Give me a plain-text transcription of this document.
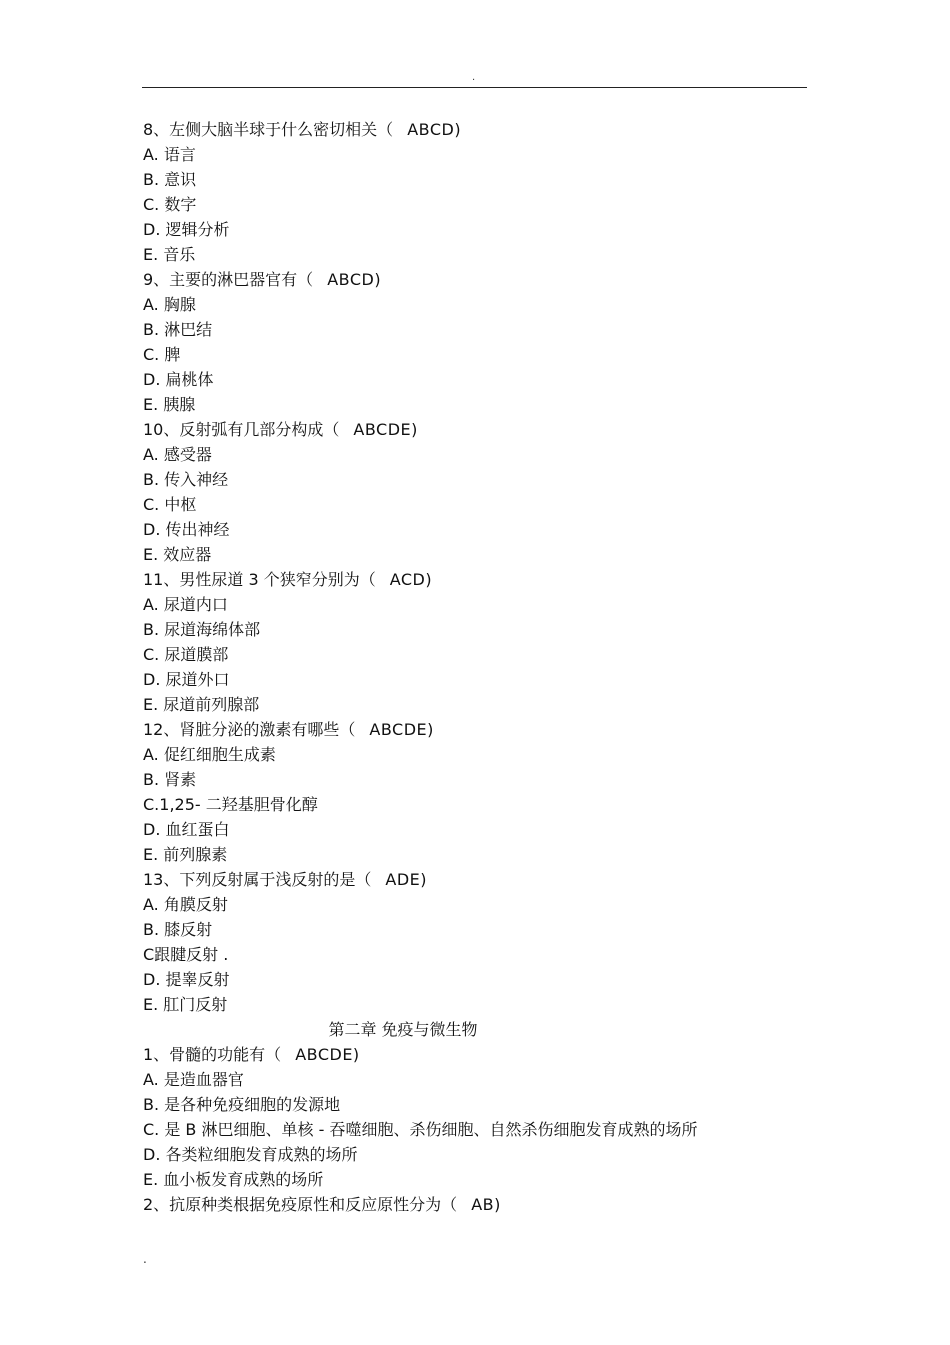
.
8、左侧大脑半球于什么密切相关（ ABCD)
A. 语言
B. 意识
C. 数字
D. 逻辑分析
E. 音乐
9、主要的淋巴器官有（ ABCD)
A. 胸腺
B. 淋巴结
C. 脾
D. 扁桃体
E. 胰腺
10、反射弧有几部分构成（ ABCDE)
A. 感受器
B. 传入神经
C. 中枢
D. 传出神经
E. 效应器
11、男性尿道 3 个狭窄分别为（ ACD)
A. 尿道内口
B. 尿道海绵体部
C. 尿道膜部
D. 尿道外口
E. 尿道前列腺部
12、肾脏分泌的激素有哪些（ ABCDE)
A. 促红细胞生成素
B. 肾素
C.1,25- 二羟基胆骨化醇
D. 血红蛋白
E. 前列腺素
13、下列反射属于浅反射的是（ ADE)
A. 角膜反射
B. 膝反射
C跟腱反射 .
D. 提睾反射
E. 肛门反射
第二章 免疫与微生物
1、骨髓的功能有（ ABCDE)
A. 是造血器官
B. 是各种免疫细胞的发源地
C. 是 B 淋巴细胞、单核 - 吞噬细胞、杀伤细胞、自然杀伤细胞发育成熟的场所
D. 各类粒细胞发育成熟的场所
E. 血小板发育成熟的场所
2、抗原种类根据免疫原性和反应原性分为（ AB)
.
